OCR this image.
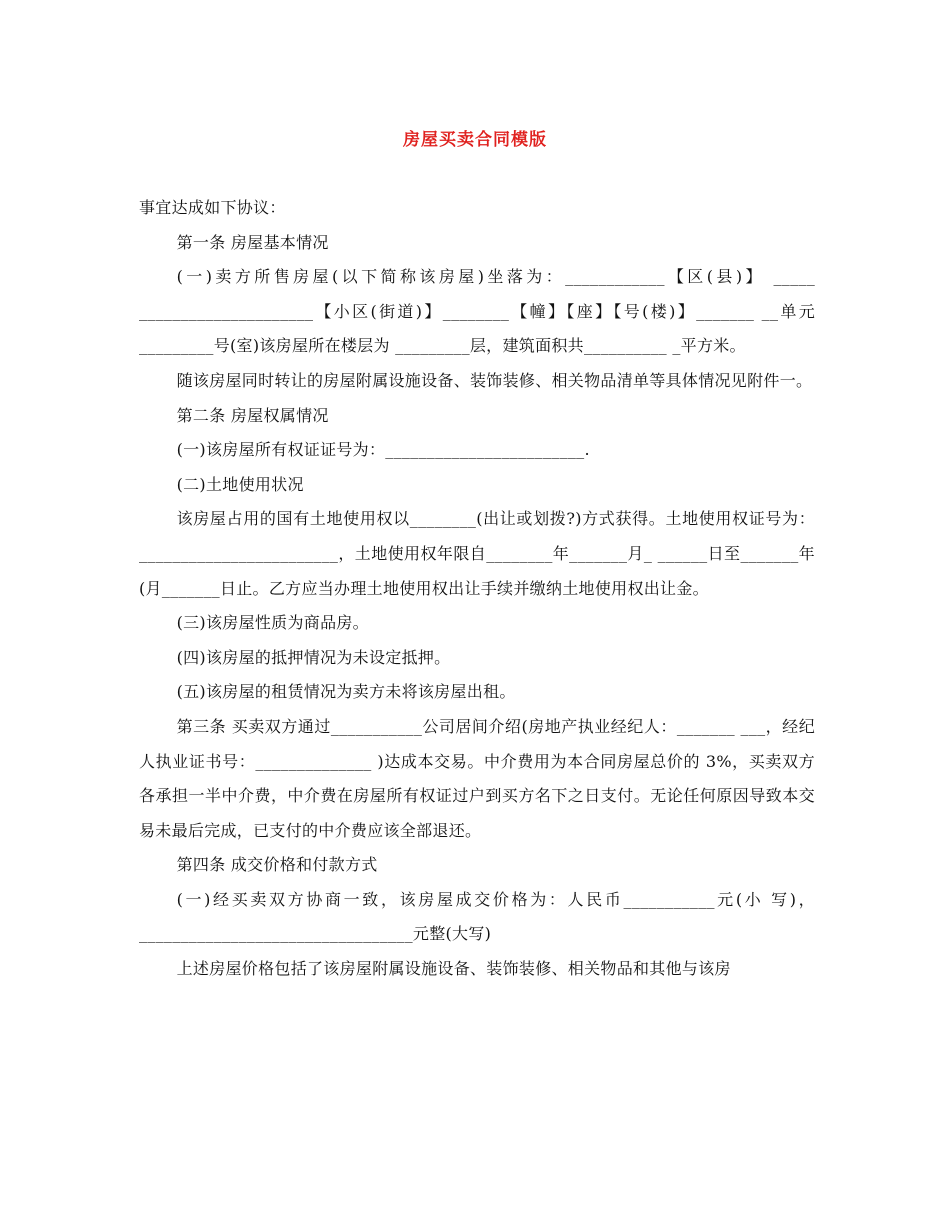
房屋买卖合同模版

事宜达成如下协议：

第一条 房屋基本情况

(一)卖方所售房屋(以下简称该房屋)坐落为：____________【区(县)】 _____ _____________________【小区(街道)】________【幢】【座】【号(楼)】_______ __单元 _________号(室)该房屋所在楼层为 _________层，建筑面积共__________ _平方米。

随该房屋同时转让的房屋附属设施设备、装饰装修、相关物品清单等具体情况见附件一。

第二条 房屋权属情况

(一)该房屋所有权证证号为：________________________.

(二)土地使用状况

该房屋占用的国有土地使用权以________(出让或划拨?)方式获得。土地使用权证号为：________________________，土地使用权年限自________年_______月_ ______日至_______年(月_______日止。乙方应当办理土地使用权出让手续并缴纳土地使用权出让金。

(三)该房屋性质为商品房。

(四)该房屋的抵押情况为未设定抵押。

(五)该房屋的租赁情况为卖方未将该房屋出租。

第三条 买卖双方通过___________公司居间介绍(房地产执业经纪人：_______ ___，经纪人执业证书号：______________ )达成本交易。中介费用为本合同房屋总价的 3%，买卖双方各承担一半中介费，中介费在房屋所有权证过户到买方名下之日支付。无论任何原因导致本交易未最后完成，已支付的中介费应该全部退还。

第四条 成交价格和付款方式

(一)经买卖双方协商一致，该房屋成交价格为：人民币___________元(小 写)，_________________________________元整(大写)

上述房屋价格包括了该房屋附属设施设备、装饰装修、相关物品和其他与该房
